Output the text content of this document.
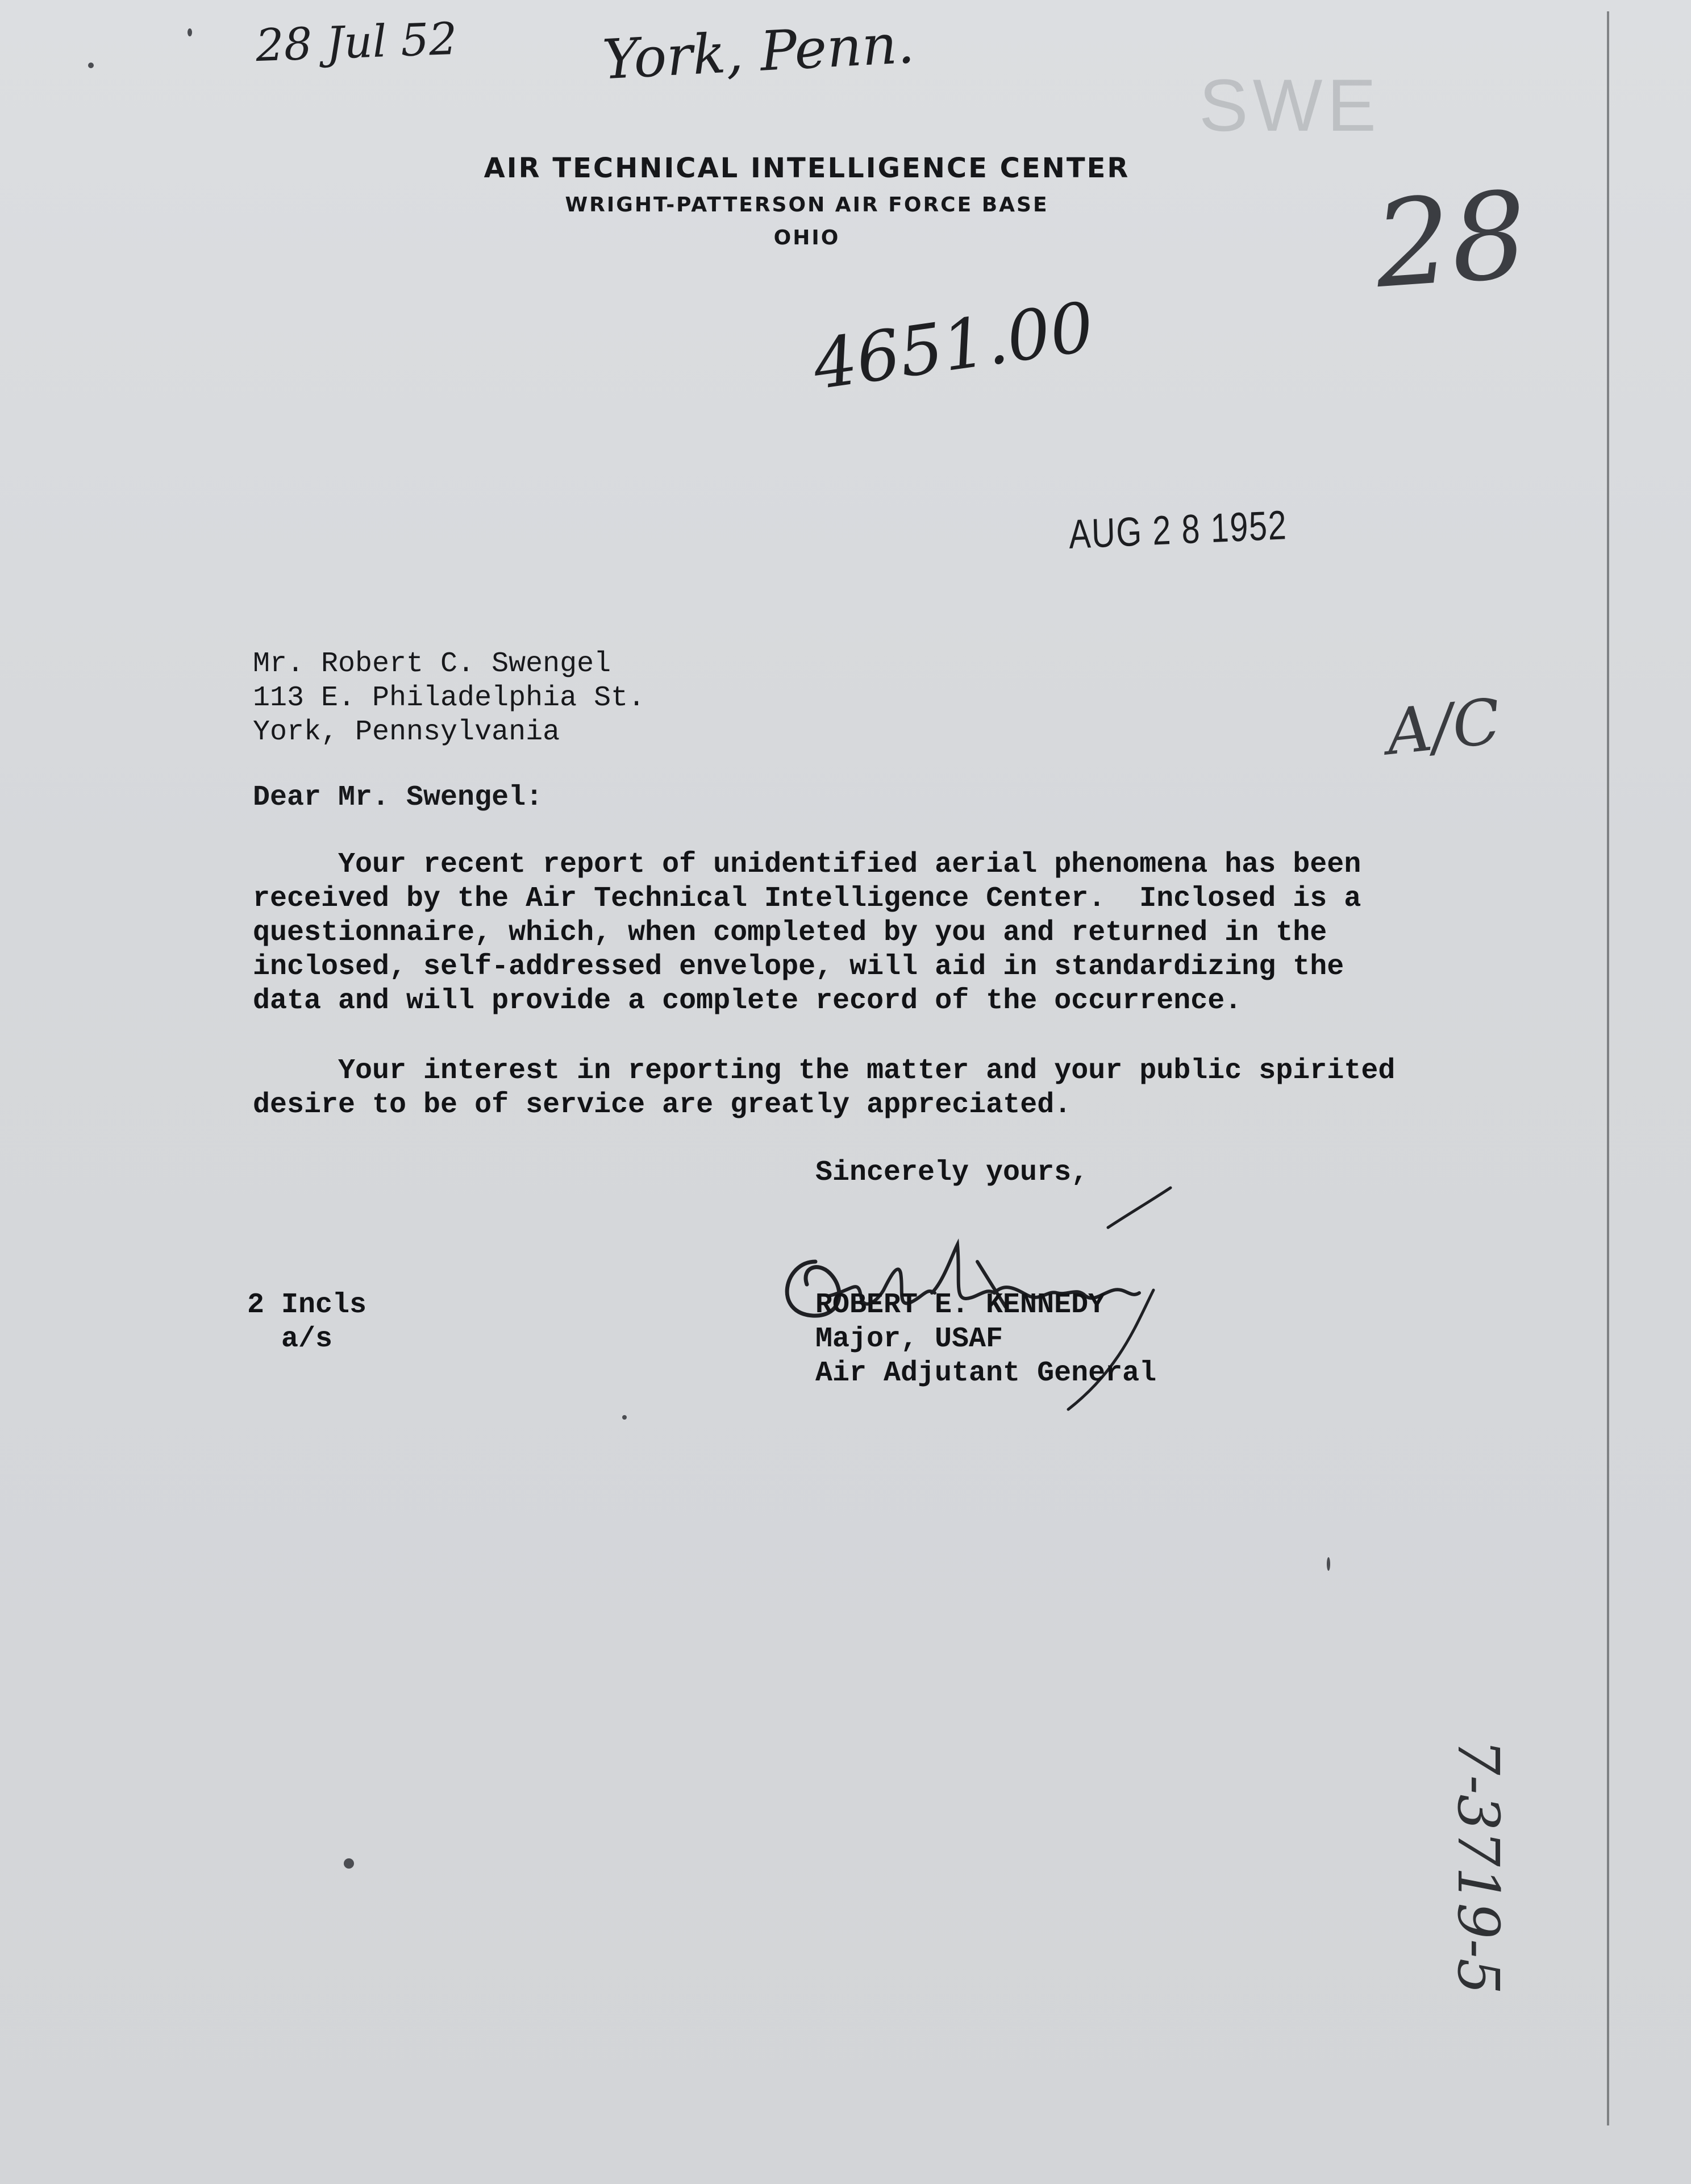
28 Jul 52	York, Penn.
SWE
28
AIR TECHNICAL INTELLIGENCE CENTER
WRIGHT-PATTERSON AIR FORCE BASE
OHIO
4651.00
AUG 2 8 1952
Mr. Robert C. Swengel
113 E. Philadelphia St.
York, Pennsylvania	A/C
Dear Mr. Swengel:
Your recent report of unidentified aerial phenomena has been
received by the Air Technical Intelligence Center.  Inclosed is a
questionnaire, which, when completed by you and returned in the
inclosed, self-addressed envelope, will aid in standardizing the
data and will provide a complete record of the occurrence.
Your interest in reporting the matter and your public spirited
desire to be of service are greatly appreciated.
Sincerely yours,
ROBERT E. KENNEDY
Major, USAF
Air Adjutant General
2 Incls
a/s
7-3719-5
